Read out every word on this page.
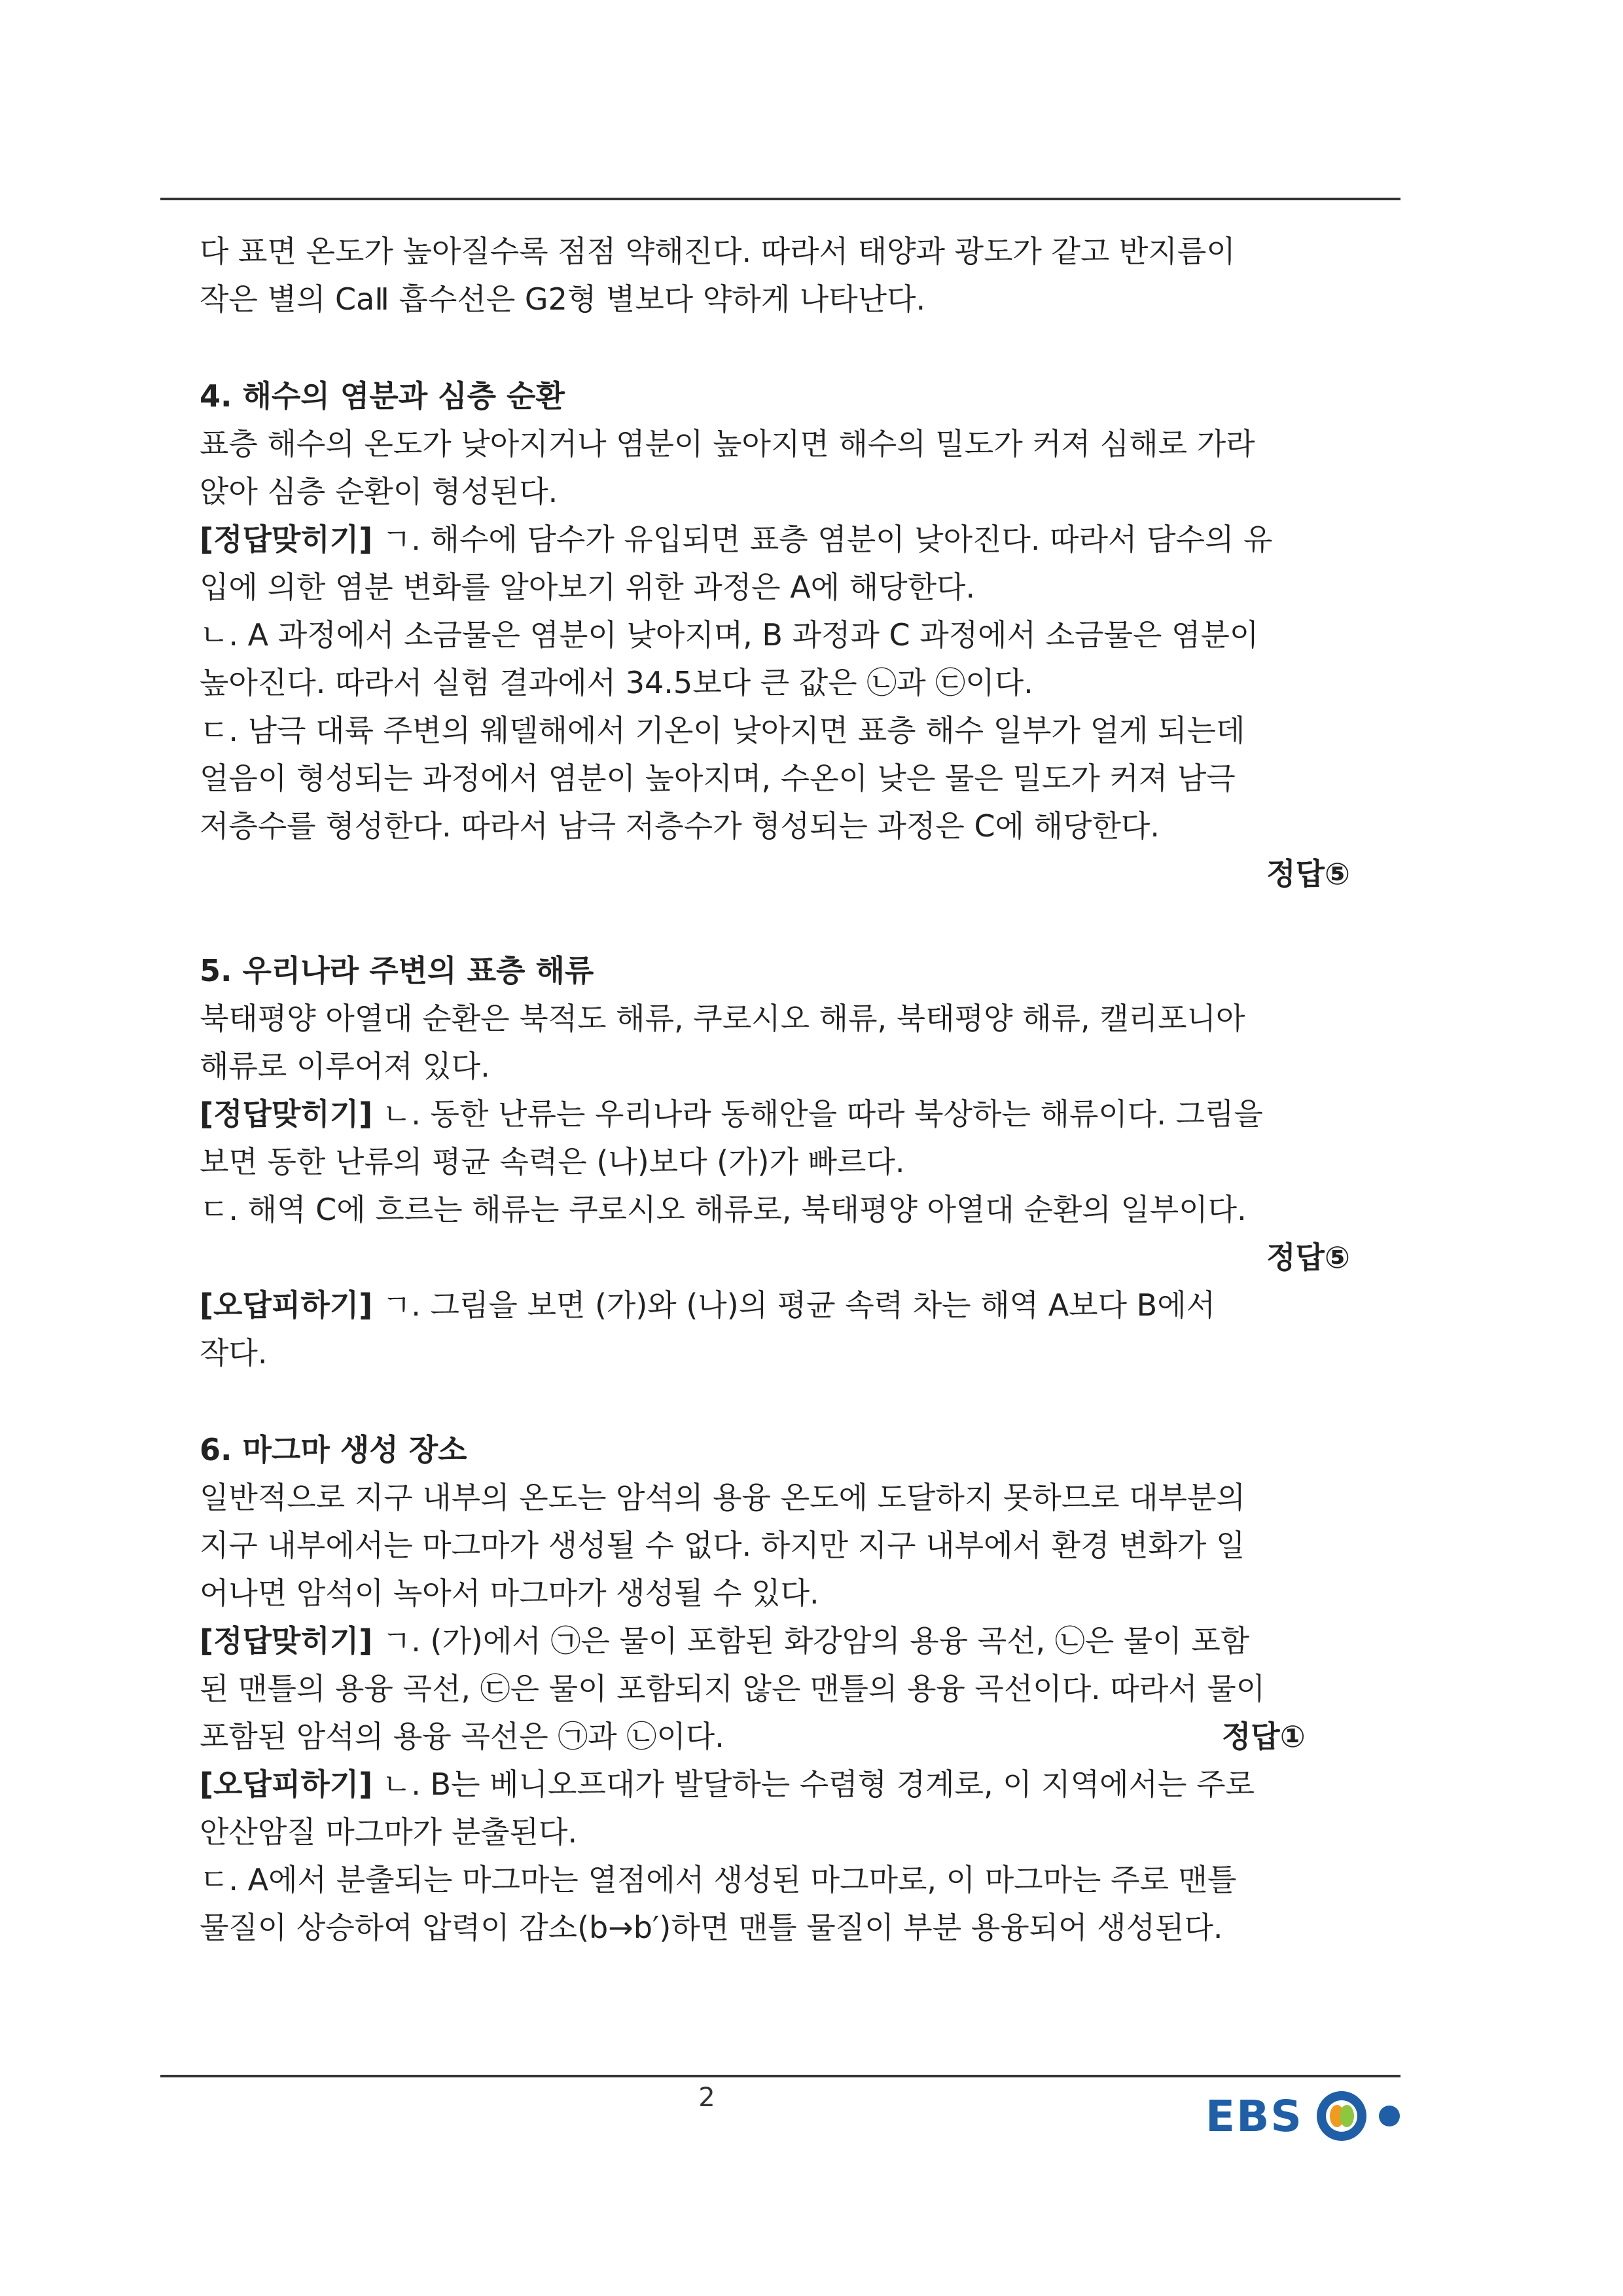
다 표면 온도가 높아질수록 점점 약해진다. 따라서 태양과 광도가 같고 반지름이

작은 별의 CaⅡ 흡수선은 G2형 별보다 약하게 나타난다.

4. 해수의 염분과 심층 순환

표층 해수의 온도가 낮아지거나 염분이 높아지면 해수의 밀도가 커져 심해로 가라

앉아 심층 순환이 형성된다.

[정답맞히기] ㄱ. 해수에 담수가 유입되면 표층 염분이 낮아진다. 따라서 담수의 유

입에 의한 염분 변화를 알아보기 위한 과정은 A에 해당한다.

ㄴ. A 과정에서 소금물은 염분이 낮아지며, B 과정과 C 과정에서 소금물은 염분이

높아진다. 따라서 실험 결과에서 34.5보다 큰 값은 ㉡과 ㉢이다.

ㄷ. 남극 대륙 주변의 웨델해에서 기온이 낮아지면 표층 해수 일부가 얼게 되는데

얼음이 형성되는 과정에서 염분이 높아지며, 수온이 낮은 물은 밀도가 커져 남극

저층수를 형성한다. 따라서 남극 저층수가 형성되는 과정은 C에 해당한다.

정답⑤

5. 우리나라 주변의 표층 해류

북태평양 아열대 순환은 북적도 해류, 쿠로시오 해류, 북태평양 해류, 캘리포니아

해류로 이루어져 있다.

[정답맞히기] ㄴ. 동한 난류는 우리나라 동해안을 따라 북상하는 해류이다. 그림을

보면 동한 난류의 평균 속력은 (나)보다 (가)가 빠르다.

ㄷ. 해역 C에 흐르는 해류는 쿠로시오 해류로, 북태평양 아열대 순환의 일부이다.

정답⑤

[오답피하기] ㄱ. 그림을 보면 (가)와 (나)의 평균 속력 차는 해역 A보다 B에서

작다.

6. 마그마 생성 장소

일반적으로 지구 내부의 온도는 암석의 용융 온도에 도달하지 못하므로 대부분의

지구 내부에서는 마그마가 생성될 수 없다. 하지만 지구 내부에서 환경 변화가 일

어나면 암석이 녹아서 마그마가 생성될 수 있다.

[정답맞히기] ㄱ. (가)에서 ㉠은 물이 포함된 화강암의 용융 곡선, ㉡은 물이 포함

된 맨틀의 용융 곡선, ㉢은 물이 포함되지 않은 맨틀의 용융 곡선이다. 따라서 물이

포함된 암석의 용융 곡선은 ㉠과 ㉡이다.	정답①

[오답피하기] ㄴ. B는 베니오프대가 발달하는 수렴형 경계로, 이 지역에서는 주로

안산암질 마그마가 분출된다.

ㄷ. A에서 분출되는 마그마는 열점에서 생성된 마그마로, 이 마그마는 주로 맨틀

물질이 상승하여 압력이 감소(b→b′)하면 맨틀 물질이 부분 용융되어 생성된다.

2	EBS
